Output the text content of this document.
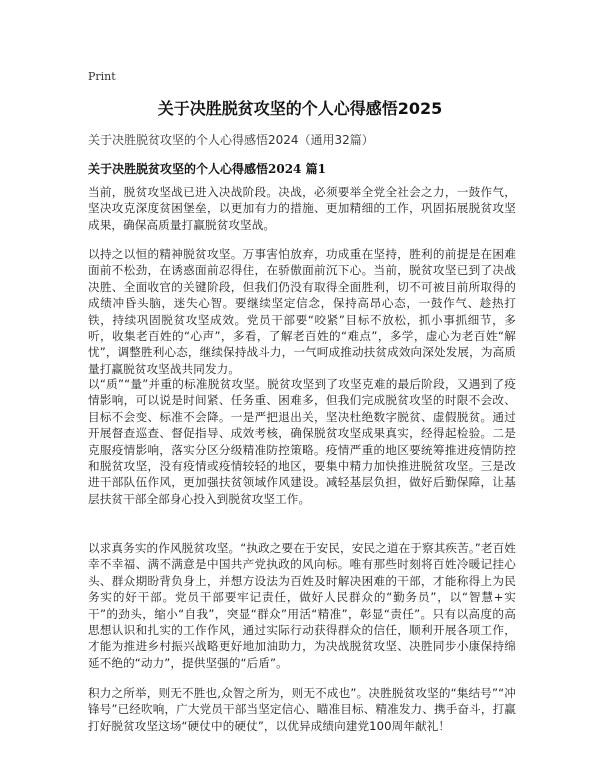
Print
关于决胜脱贫攻坚的个人心得感悟2025
关于决胜脱贫攻坚的个人心得感悟2024（通用32篇）
关于决胜脱贫攻坚的个人心得感悟2024 篇1

当前，脱贫攻坚战已进入决战阶段。决战，必须要举全党全社会之力，一鼓作气，坚决攻克深度贫困堡垒，以更加有力的措施、更加精细的工作，巩固拓展脱贫攻坚成果，确保高质量打赢脱贫攻坚战。

以持之以恒的精神脱贫攻坚。万事害怕放弃，功成重在坚持，胜利的前提是在困难面前不松劲，在诱惑面前忍得住，在骄傲面前沉下心。当前，脱贫攻坚已到了决战决胜、全面收官的关键阶段，但我们仍没有取得全面胜利，切不可被目前所取得的成绩冲昏头脑，迷失心智。要继续坚定信念，保持高昂心态，一鼓作气、趁热打铁，持续巩固脱贫攻坚成效。党员干部要“咬紧”目标不放松，抓小事抓细节，多听，收集老百姓的“心声”，多看，了解老百姓的“难点”，多学，虚心为老百姓“解忧”，调整胜利心态，继续保持战斗力，一气呵成推动扶贫成效向深处发展，为高质量打赢脱贫攻坚战共同发力。

以“质”“量”并重的标准脱贫攻坚。脱贫攻坚到了攻坚克难的最后阶段，又遇到了疫情影响，可以说是时间紧、任务重、困难多，但我们完成脱贫攻坚的时限不会改、目标不会变、标准不会降。一是严把退出关，坚决杜绝数字脱贫、虚假脱贫。通过开展督查巡查、督促指导、成效考核，确保脱贫攻坚成果真实，经得起检验。二是克服疫情影响，落实分区分级精准防控策略。疫情严重的地区要统筹推进疫情防控和脱贫攻坚，没有疫情或疫情较轻的地区，要集中精力加快推进脱贫攻坚。三是改进干部队伍作风，更加强扶贫领域作风建设。减轻基层负担，做好后勤保障，让基层扶贫干部全部身心投入到脱贫攻坚工作。

以求真务实的作风脱贫攻坚。“执政之要在于安民，安民之道在于察其疾苦。”老百姓幸不幸福、满不满意是中国共产党执政的风向标。唯有那些时刻将百姓冷暖记挂心头、群众期盼背负身上，并想方设法为百姓及时解决困难的干部，才能称得上为民务实的好干部。党员干部要牢记责任，做好人民群众的“勤务员”，以“智慧+实干”的劲头，缩小“自我”，突显“群众”用活“精准”，彰显“责任”。只有以高度的高思想认识和扎实的工作作风，通过实际行动获得群众的信任，顺利开展各项工作，才能为推进乡村振兴战略更好地加油助力，为决战脱贫攻坚、决胜同步小康保持绵延不绝的“动力”，提供坚强的“后盾”。

积力之所举，则无不胜也,众智之所为，则无不成也”。决胜脱贫攻坚的“集结号”“冲锋号”已经吹响，广大党员干部当坚定信心、瞄准目标、精准发力、携手奋斗，打赢打好脱贫攻坚这场“硬仗中的硬仗”，以优异成绩向建党100周年献礼！
